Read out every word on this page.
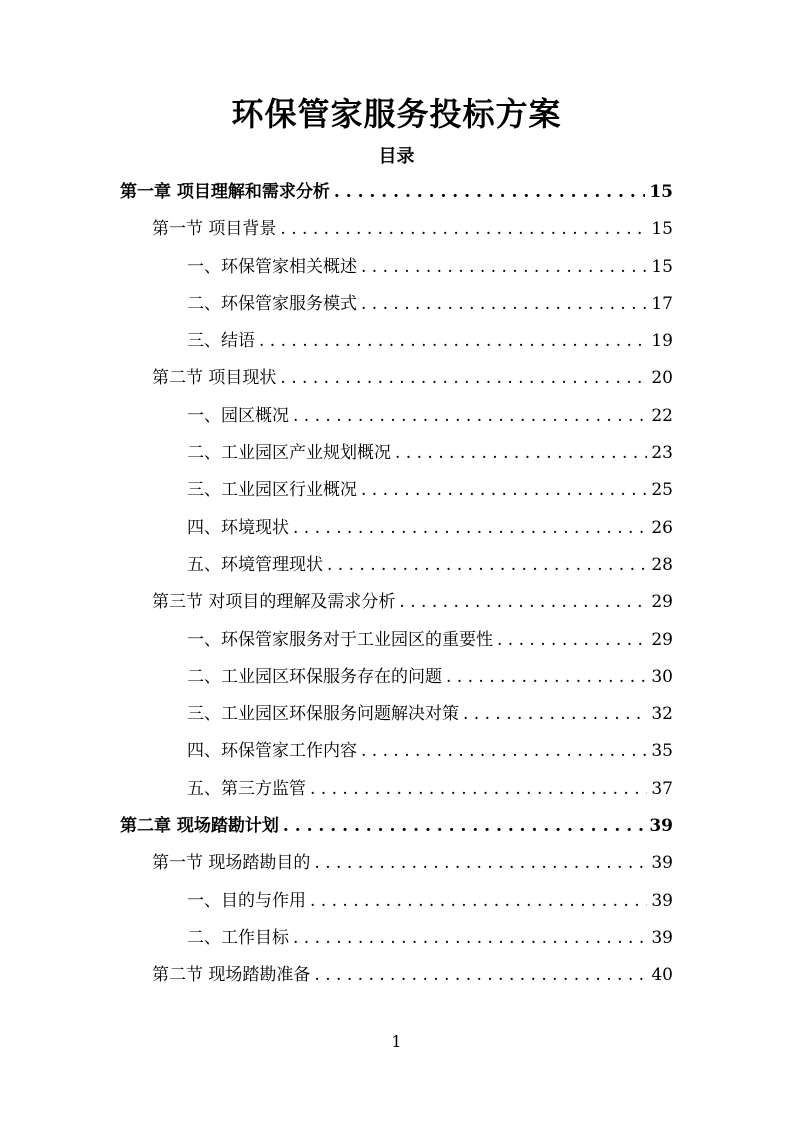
环保管家服务投标方案
目录
第一章 项目理解和需求分析 . . .	15
第一节 项目背景 . . .	15
一、环保管家相关概述 . . .	15
二、环保管家服务模式 . . .	17
三、结语 . . .	19
第二节 项目现状 . . .	20
一、园区概况 . . .	22
二、工业园区产业规划概况 . . .	23
三、工业园区行业概况 . . .	25
四、环境现状 . . .	26
五、环境管理现状 . . .	28
第三节 对项目的理解及需求分析 . . .	29
一、环保管家服务对于工业园区的重要性 . . .	29
二、工业园区环保服务存在的问题 . . .	30
三、工业园区环保服务问题解决对策 . . .	32
四、环保管家工作内容 . . .	35
五、第三方监管 . . .	37
第二章 现场踏勘计划 . . .	39
第一节 现场踏勘目的 . . .	39
一、目的与作用 . . .	39
二、工作目标 . . .	39
第二节 现场踏勘准备 . . .	40
1
